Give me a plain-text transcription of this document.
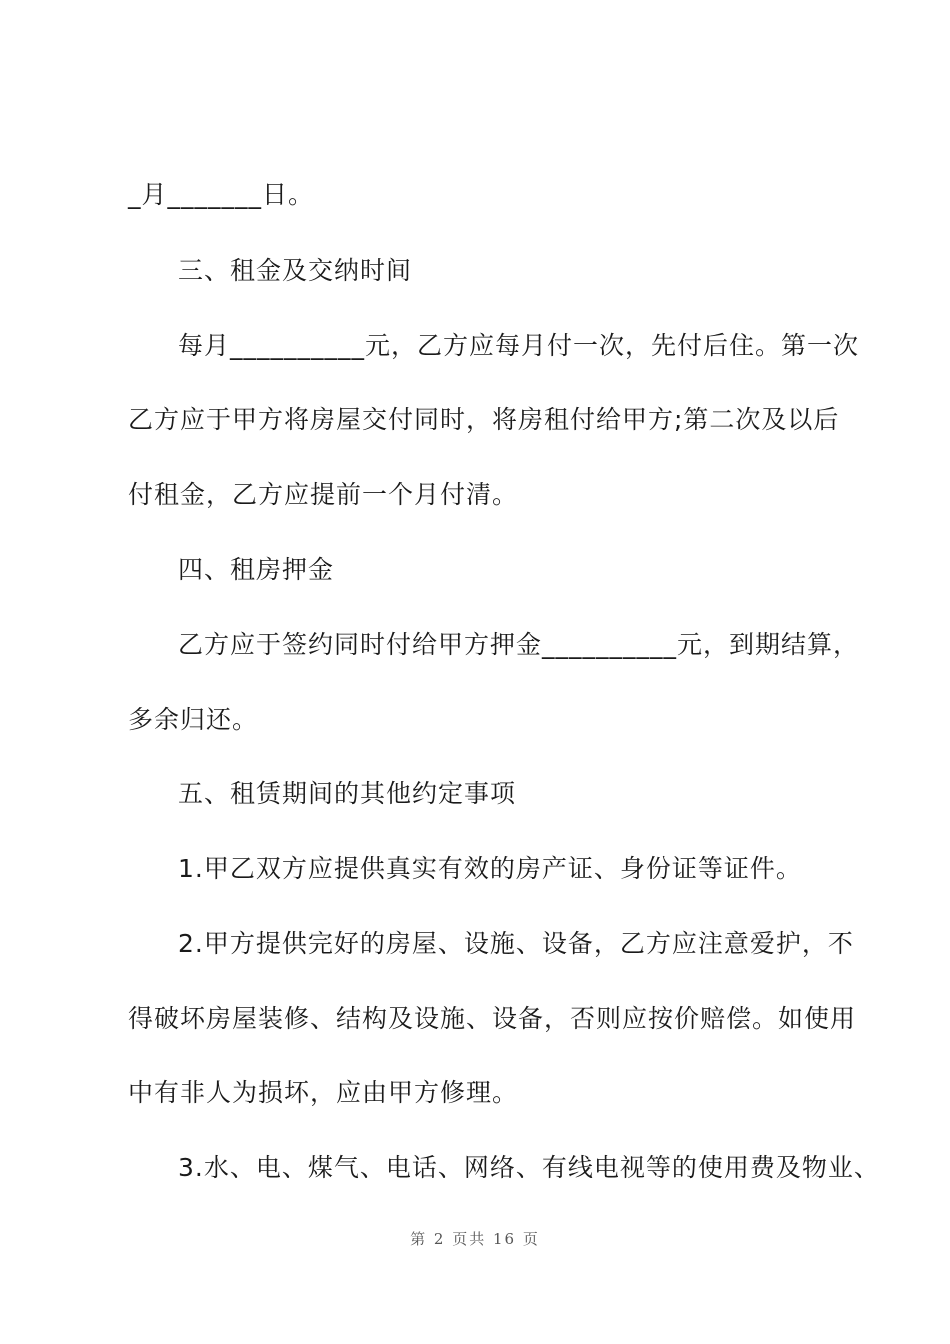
_月_______日。
三、租金及交纳时间
每月__________元，乙方应每月付一次，先付后住。第一次
乙方应于甲方将房屋交付同时，将房租付给甲方;第二次及以后
付租金，乙方应提前一个月付清。
四、租房押金
乙方应于签约同时付给甲方押金__________元，到期结算，
多余归还。
五、租赁期间的其他约定事项
1.甲乙双方应提供真实有效的房产证、身份证等证件。
2.甲方提供完好的房屋、设施、设备，乙方应注意爱护，不
得破坏房屋装修、结构及设施、设备，否则应按价赔偿。如使用
中有非人为损坏，应由甲方修理。
3.水、电、煤气、电话、网络、有线电视等的使用费及物业、
第 2 页共 16 页
